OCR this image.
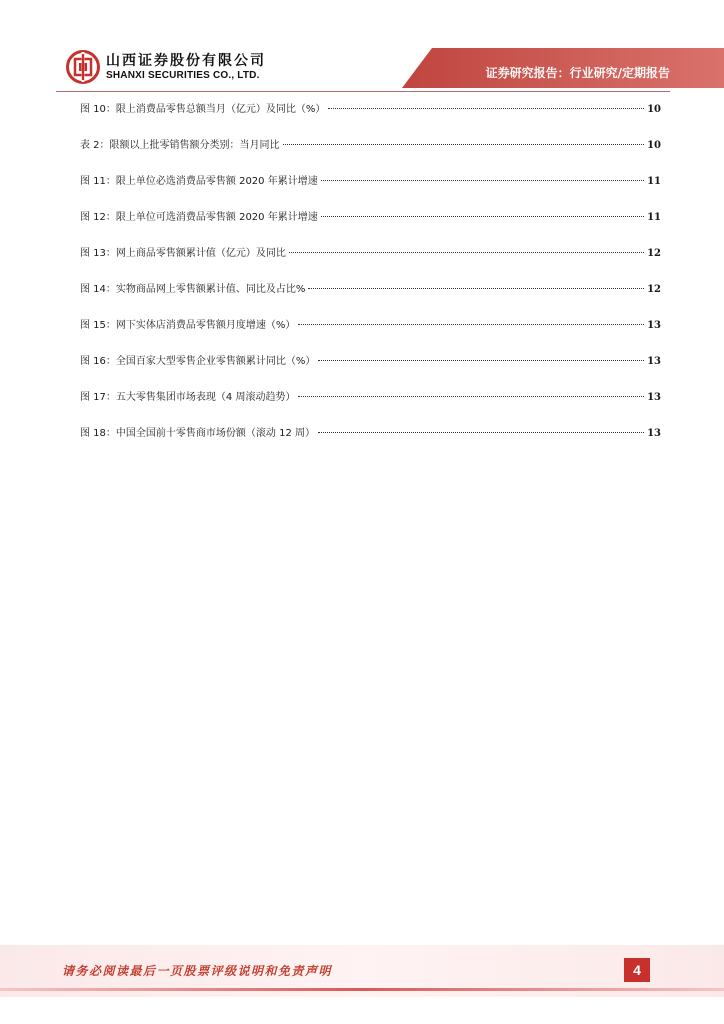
山西证券股份有限公司
SHANXI SECURITIES CO., LTD.	证券研究报告：行业研究/定期报告
图 10：限上消费品零售总额当月（亿元）及同比（%）	10
表 2：限额以上批零销售额分类别：当月同比	10
图 11：限上单位必选消费品零售额 2020 年累计增速	11
图 12：限上单位可选消费品零售额 2020 年累计增速	11
图 13：网上商品零售额累计值（亿元）及同比	12
图 14：实物商品网上零售额累计值、同比及占比%	12
图 15：网下实体店消费品零售额月度增速（%）	13
图 16：全国百家大型零售企业零售额累计同比（%）	13
图 17：五大零售集团市场表现（4 周滚动趋势）	13
图 18：中国全国前十零售商市场份额（滚动 12 周）	13
请务必阅读最后一页股票评级说明和免责声明	4
